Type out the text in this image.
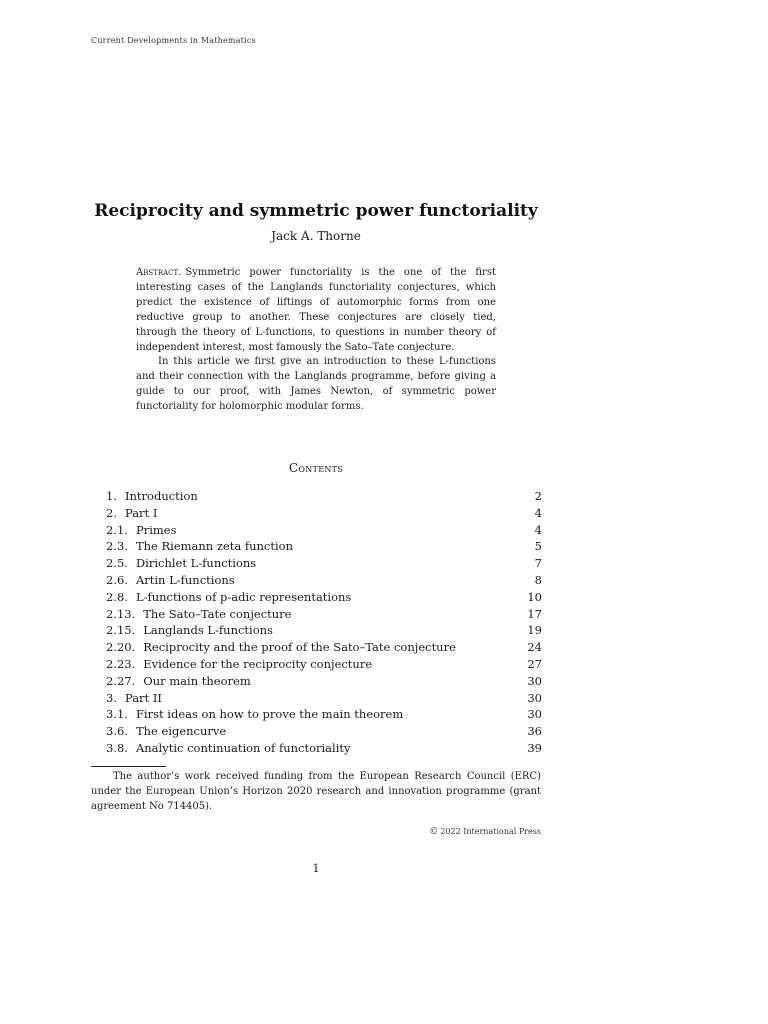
Current Developments in Mathematics
Reciprocity and symmetric power functoriality
Jack A. Thorne

Abstract. Symmetric power functoriality is the one of the first interesting cases of the Langlands functoriality conjectures, which predict the existence of liftings of automorphic forms from one reductive group to another. These conjectures are closely tied, through the theory of L-functions, to questions in number theory of independent interest, most famously the Sato–Tate conjecture.

In this article we first give an introduction to these L-functions and their connection with the Langlands programme, before giving a guide to our proof, with James Newton, of symmetric power functoriality for holomorphic modular forms.

Contents
1. Introduction	2
2. Part I	4
2.1. Primes	4
2.3. The Riemann zeta function	5
2.5. Dirichlet L-functions	7
2.6. Artin L-functions	8
2.8. L-functions of p-adic representations	10
2.13. The Sato–Tate conjecture	17
2.15. Langlands L-functions	19
2.20. Reciprocity and the proof of the Sato–Tate conjecture	24
2.23. Evidence for the reciprocity conjecture	27
2.27. Our main theorem	30
3. Part II	30
3.1. First ideas on how to prove the main theorem	30
3.6. The eigencurve	36
3.8. Analytic continuation of functoriality	39

The author’s work received funding from the European Research Council (ERC) under the European Union’s Horizon 2020 research and innovation programme (grant agreement No 714405).

© 2022 International Press
1
